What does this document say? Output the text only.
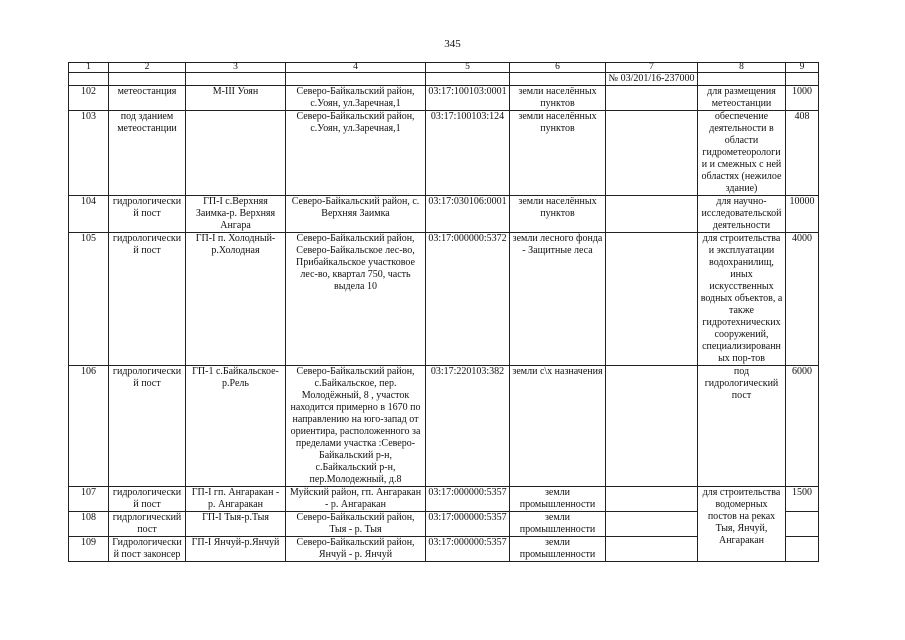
345
1	2	3	4	5	6	7	8	9
						№ 03/201/16-237000		
102	метеостанция	М-III Уоян	Северо-Байкальский район, с.Уоян, ул.Заречная,1	03:17:100103:0001	земли населённых пунктов		для размещения метеостанции	1000
103	под зданием метеостанции		Северо-Байкальский район, с.Уоян, ул.Заречная,1	03:17:100103:124	земли населённых пунктов		обеспечение деятельности в области гидрометеорологии и смежных с ней областях (нежилое здание)	408
104	гидрологический пост	ГП-I с.Верхняя Заимка-р. Верхняя Ангара	Северо-Байкальский район, с. Верхняя Заимка	03:17:030106:0001	земли населённых пунктов		для научно-исследовательской деятельности	10000
105	гидрологический пост	ГП-I п. Холодный-р.Холодная	Северо-Байкальский район, Северо-Байкальское лес-во, Прибайкальское участковое лес-во, квартал 750, часть выдела 10	03:17:000000:5372	земли лесного фонда - Защитные леса		для строительства и эксплуатации водохранилищ, иных искусственных водных объектов, а также гидротехнических сооружений, специализированных пор-тов	4000
106	гидрологический пост	ГП-1 с.Байкальское-р.Рель	Северо-Байкальский район, с.Байкальское, пер. Молодёжный, 8 , участок находится примерно в 1670 по направлению на юго-запад от ориентира, расположенного за пределами участка :Северо-Байкальский р-н, с.Байкальский р-н, пер.Молодежный, д.8	03:17:220103:382	земли с\х назначения		под гидрологический пост	6000
107	гидрологический пост	ГП-I гп. Ангаракан - р. Ангаракан	Муйский район, гп. Ангаракан - р. Ангаракан	03:17:000000:5357	земли промышленности		для строительства водомерных постов на реках Тыя, Янчуй, Ангаракан	1500
108	гидрлогический пост	ГП-I Тыя-р.Тыя	Северо-Байкальский район, Тыя - р. Тыя	03:17:000000:5357	земли промышленности			
109	Гидрологический пост законсер	ГП-I Янчуй-р.Янчуй	Северо-Байкальский район, Янчуй - р. Янчуй	03:17:000000:5357	земли промышленности			
